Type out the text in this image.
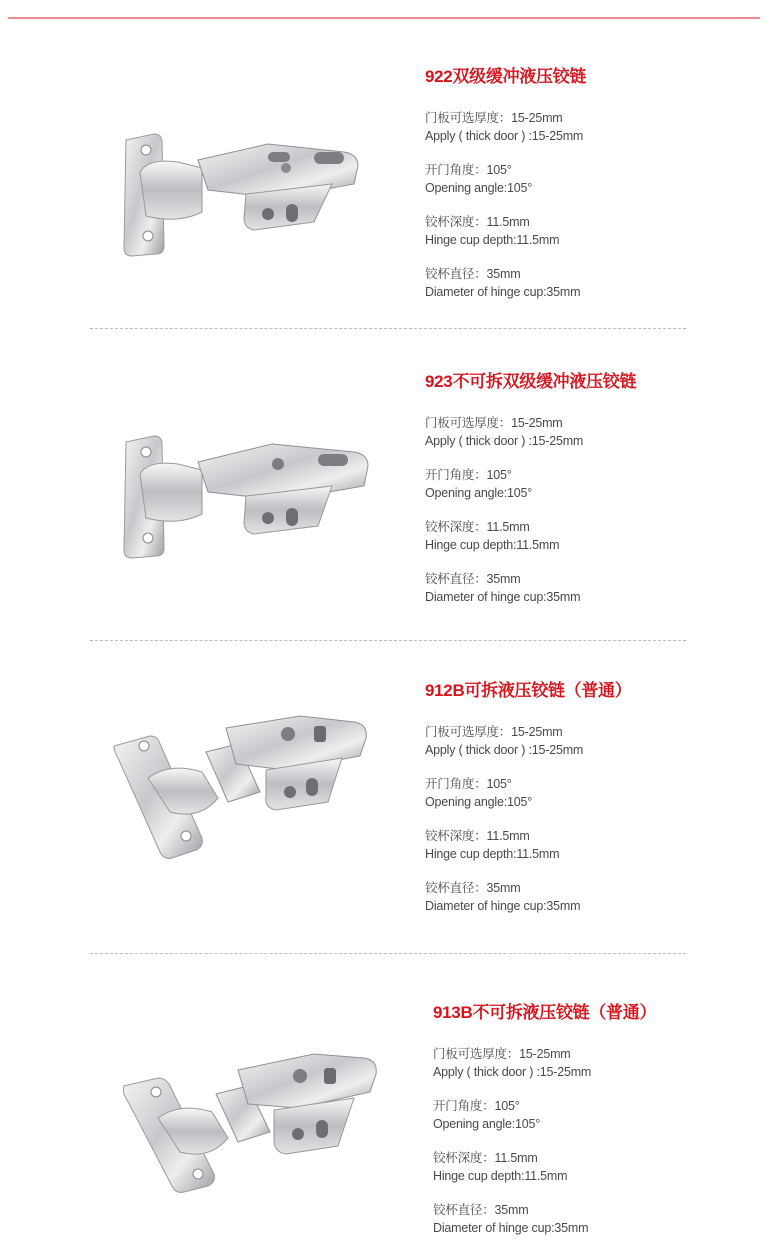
922双级缓冲液压铰链
门板可选厚度：15-25mm
Apply ( thick door ) :15-25mm
开门角度：105°
Opening angle:105°
铰杯深度：11.5mm
Hinge cup depth:11.5mm
铰杯直径：35mm
Diameter of hinge cup:35mm
923不可拆双级缓冲液压铰链
门板可选厚度：15-25mm
Apply ( thick door ) :15-25mm
开门角度：105°
Opening angle:105°
铰杯深度：11.5mm
Hinge cup depth:11.5mm
铰杯直径：35mm
Diameter of hinge cup:35mm
912B可拆液压铰链（普通）
门板可选厚度：15-25mm
Apply ( thick door ) :15-25mm
开门角度：105°
Opening angle:105°
铰杯深度：11.5mm
Hinge cup depth:11.5mm
铰杯直径：35mm
Diameter of hinge cup:35mm
913B不可拆液压铰链（普通）
门板可选厚度：15-25mm
Apply ( thick door ) :15-25mm
开门角度：105°
Opening angle:105°
铰杯深度：11.5mm
Hinge cup depth:11.5mm
铰杯直径：35mm
Diameter of hinge cup:35mm
